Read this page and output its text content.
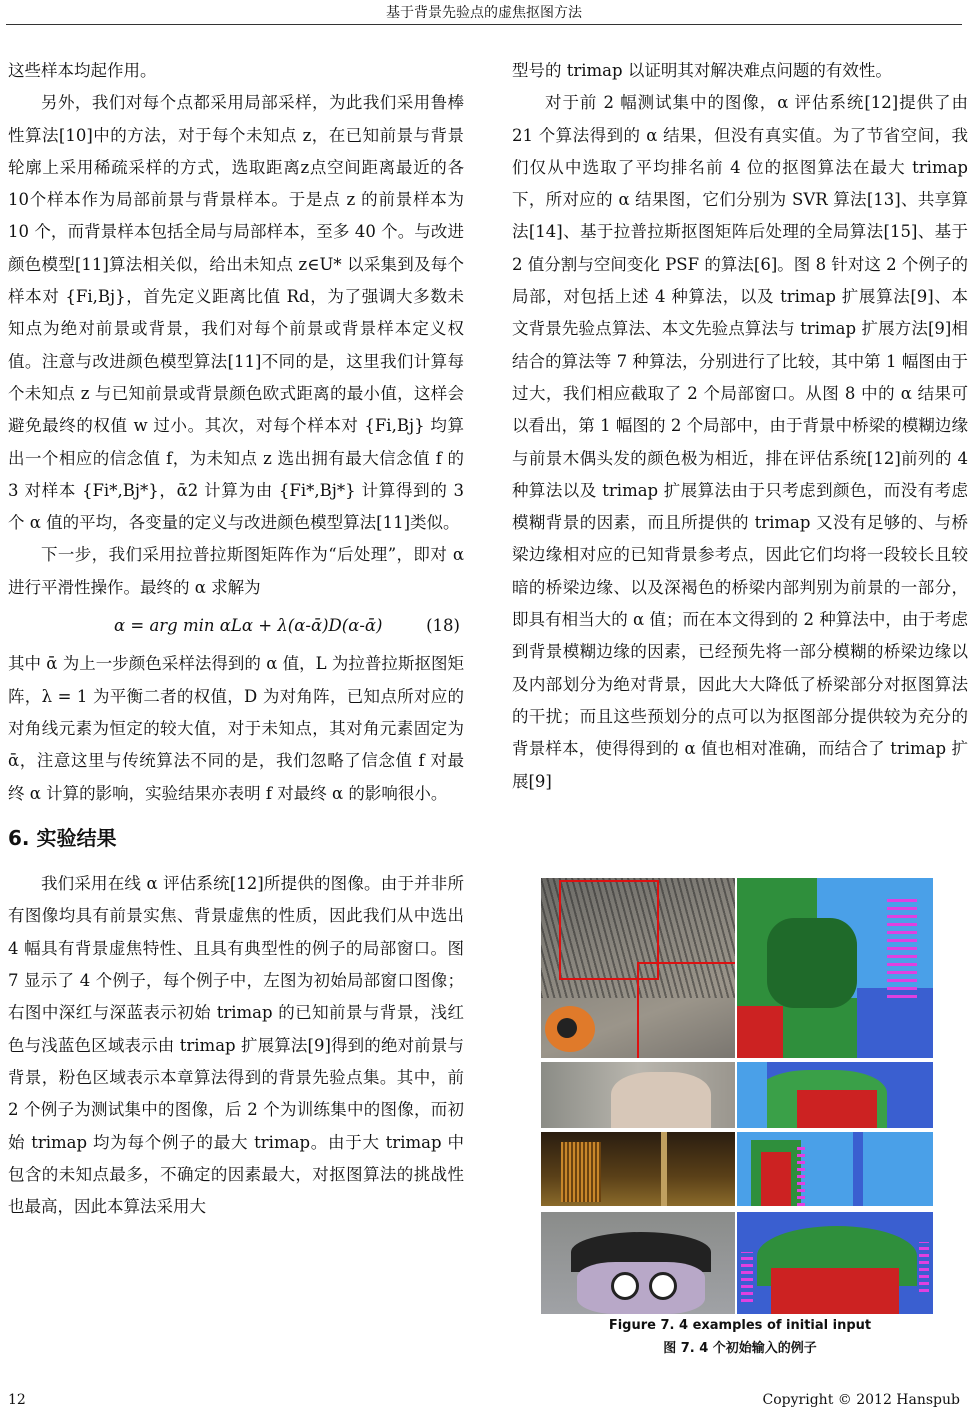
基于背景先验点的虚焦抠图方法

这些样本均起作用。

另外，我们对每个点都采用局部采样，为此我们采用鲁棒性算法[10]中的方法，对于每个未知点 z，在已知前景与背景轮廓上采用稀疏采样的方式，选取距离z点空间距离最近的各10个样本作为局部前景与背景样本。于是点 z 的前景样本为 10 个，而背景样本包括全局与局部样本，至多 40 个。与改进颜色模型[11]算法相关似，给出未知点 z∈U* 以采集到及每个样本对 {Fi,Bj}，首先定义距离比值 Rd，为了强调大多数未知点为绝对前景或背景，我们对每个前景或背景样本定义权值。注意与改进颜色模型算法[11]不同的是，这里我们计算每个未知点 z 与已知前景或背景颜色欧式距离的最小值，这样会避免最终的权值 w 过小。其次，对每个样本对 {Fi,Bj} 均算出一个相应的信念值 f，为未知点 z 选出拥有最大信念值 f 的 3 对样本 {Fi*,Bj*}，ᾱ2 计算为由 {Fi*,Bj*} 计算得到的 3 个 α 值的平均，各变量的定义与改进颜色模型算法[11]类似。

下一步，我们采用拉普拉斯图矩阵作为“后处理”，即对 α 进行平滑性操作。最终的 α 求解为

α = arg min αLα + λ(α-ᾱ)D(α-ᾱ)	(18)

其中 ᾱ 为上一步颜色采样法得到的 α 值，L 为拉普拉斯抠图矩阵，λ = 1 为平衡二者的权值，D 为对角阵，已知点所对应的对角线元素为恒定的较大值，对于未知点，其对角元素固定为 ᾱ，注意这里与传统算法不同的是，我们忽略了信念值 f 对最终 α 计算的影响，实验结果亦表明 f 对最终 α 的影响很小。

6. 实验结果

我们采用在线 α 评估系统[12]所提供的图像。由于并非所有图像均具有前景实焦、背景虚焦的性质，因此我们从中选出 4 幅具有背景虚焦特性、且具有典型性的例子的局部窗口。图 7 显示了 4 个例子，每个例子中，左图为初始局部窗口图像；右图中深红与深蓝表示初始 trimap 的已知前景与背景，浅红色与浅蓝色区域表示由 trimap 扩展算法[9]得到的绝对前景与背景，粉色区域表示本章算法得到的背景先验点集。其中，前 2 个例子为测试集中的图像，后 2 个为训练集中的图像，而初始 trimap 均为每个例子的最大 trimap。由于大 trimap 中包含的未知点最多，不确定的因素最大，对抠图算法的挑战性也最高，因此本算法采用大

型号的 trimap 以证明其对解决难点问题的有效性。

对于前 2 幅测试集中的图像，α 评估系统[12]提供了由 21 个算法得到的 α 结果，但没有真实值。为了节省空间，我们仅从中选取了平均排名前 4 位的抠图算法在最大 trimap 下，所对应的 α 结果图，它们分别为 SVR 算法[13]、共享算法[14]、基于拉普拉斯抠图矩阵后处理的全局算法[15]、基于 2 值分割与空间变化 PSF 的算法[6]。图 8 针对这 2 个例子的局部，对包括上述 4 种算法，以及 trimap 扩展算法[9]、本文背景先验点算法、本文先验点算法与 trimap 扩展方法[9]相结合的算法等 7 种算法，分别进行了比较，其中第 1 幅图由于过大，我们相应截取了 2 个局部窗口。从图 8 中的 α 结果可以看出，第 1 幅图的 2 个局部中，由于背景中桥梁的模糊边缘与前景木偶头发的颜色极为相近，排在评估系统[12]前列的 4 种算法以及 trimap 扩展算法由于只考虑到颜色，而没有考虑模糊背景的因素，而且所提供的 trimap 又没有足够的、与桥梁边缘相对应的已知背景参考点，因此它们均将一段较长且较暗的桥梁边缘、以及深褐色的桥梁内部判别为前景的一部分，即具有相当大的 α 值；而在本文得到的 2 种算法中，由于考虑到背景模糊边缘的因素，已经预先将一部分模糊的桥梁边缘以及内部划分为绝对背景，因此大大降低了桥梁部分对抠图算法的干扰；而且这些预划分的点可以为抠图部分提供较为充分的背景样本，使得得到的 α 值也相对准确，而结合了 trimap 扩展[9]

Figure 7. 4 examples of initial input
图 7. 4 个初始输入的例子
12	Copyright © 2012 Hanspub
